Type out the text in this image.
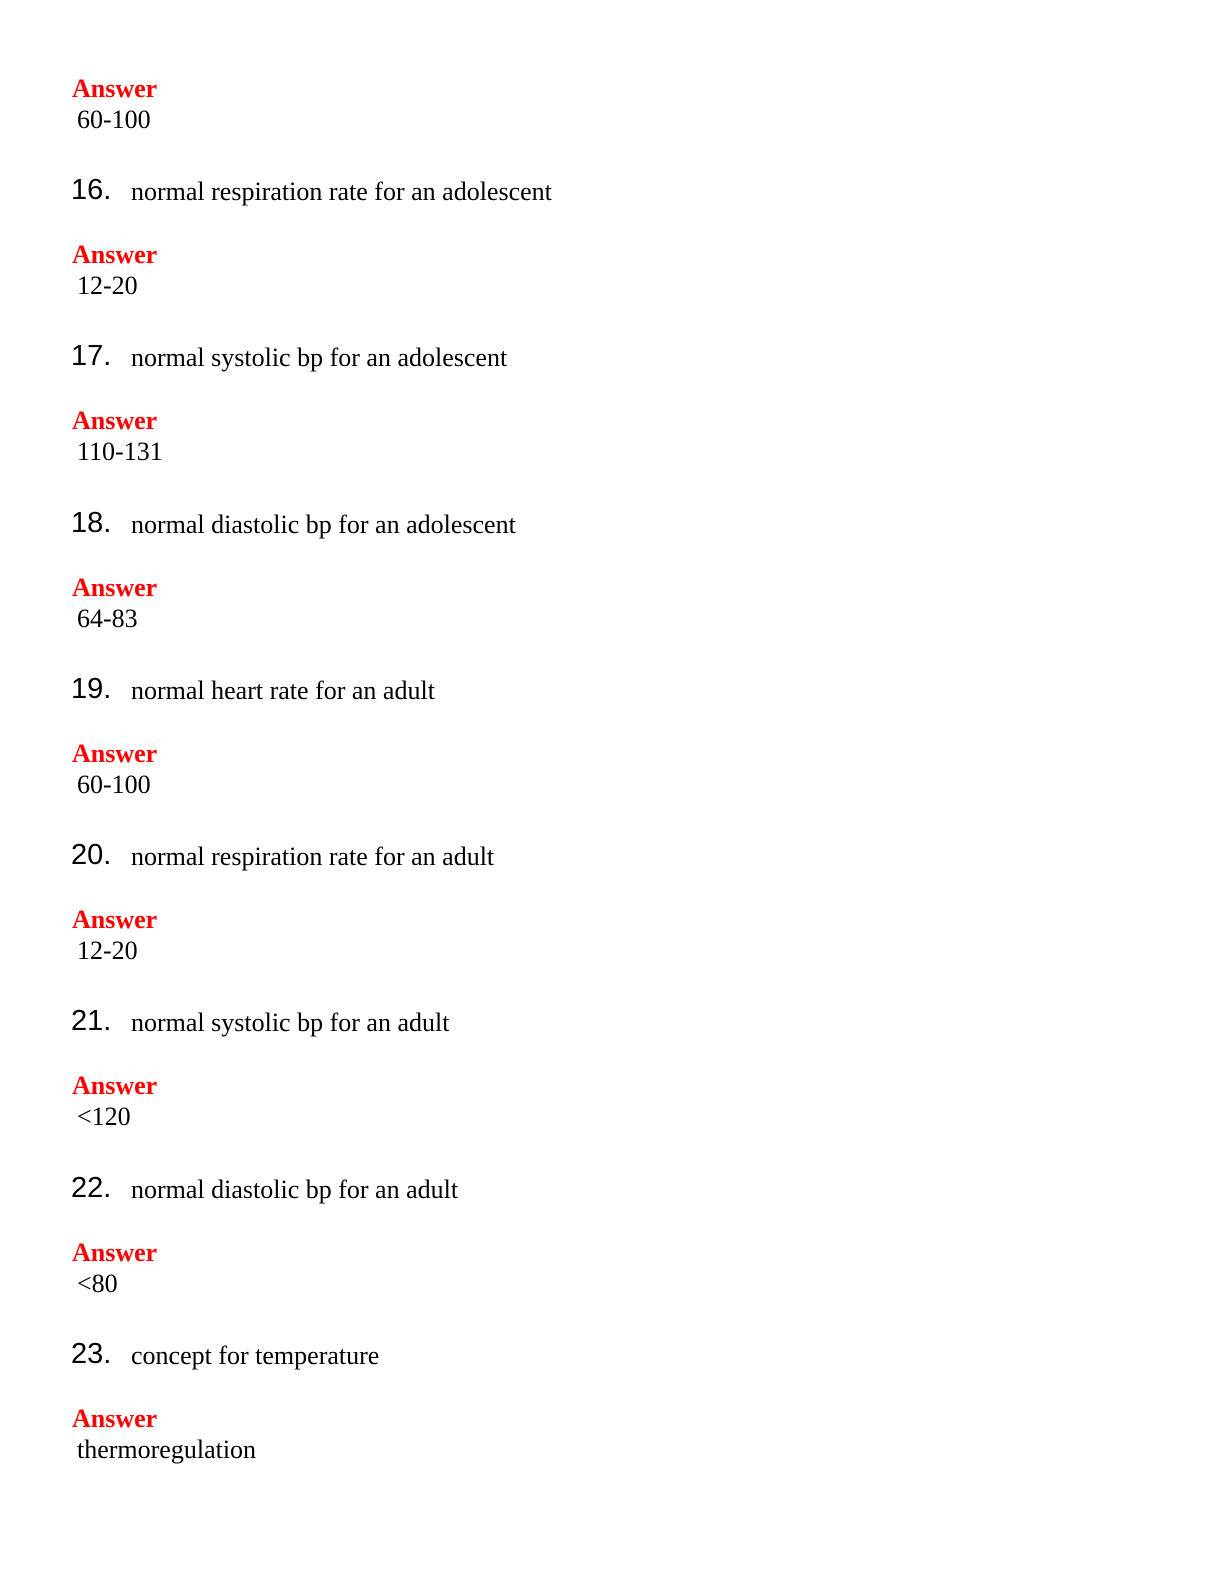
Answer
60-100
16. normal respiration rate for an adolescent
Answer
12-20
17. normal systolic bp for an adolescent
Answer
110-131
18. normal diastolic bp for an adolescent
Answer
64-83
19. normal heart rate for an adult
Answer
60-100
20. normal respiration rate for an adult
Answer
12-20
21. normal systolic bp for an adult
Answer
<120
22. normal diastolic bp for an adult
Answer
<80
23. concept for temperature
Answer
thermoregulation
